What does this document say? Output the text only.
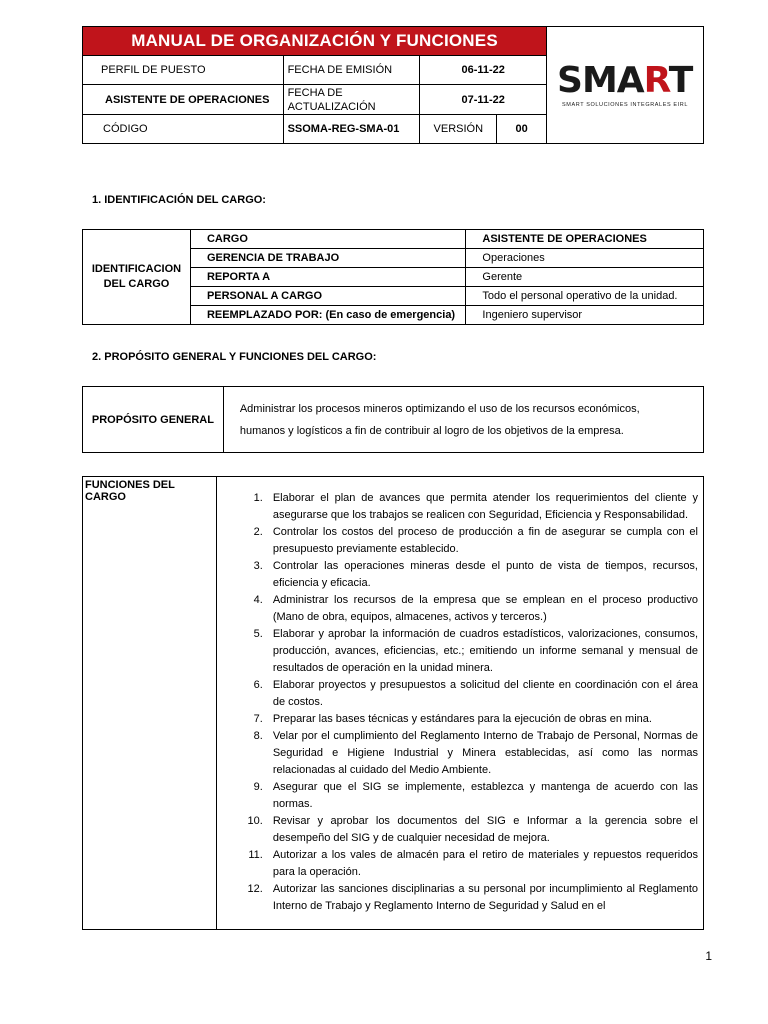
MANUAL DE ORGANIZACIÓN Y FUNCIONES				SMART
SMART SOLUCIONES INTEGRALES EIRL

PERFIL DE PUESTO	FECHA DE EMISIÓN	06-11-22		
ASISTENTE DE OPERACIONES	FECHA DE ACTUALIZACIÓN	07-11-22		
CÓDIGO	SSOMA-REG-SMA-01	VERSIÓN	00	
1. IDENTIFICACIÓN DEL CARGO:
IDENTIFICACION DEL CARGO	CARGO	ASISTENTE DE OPERACIONES
	GERENCIA DE TRABAJO	Operaciones
	REPORTA A	Gerente
	PERSONAL A CARGO	Todo el personal operativo de la unidad.
	REEMPLAZADO POR: (En caso de emergencia)	Ingeniero supervisor
2. PROPÓSITO GENERAL Y FUNCIONES DEL CARGO:
PROPÓSITO GENERAL	
Administrar los procesos mineros optimizando el uso de los recursos económicos,
humanos y logísticos a fin de contribuir al logro de los objetivos de la empresa.
FUNCIONES DEL CARGO	1. Elaborar el plan de avances que permita atender los requerimientos del cliente y asegurarse que los trabajos se realicen con Seguridad, Eficiencia y Responsabilidad.
2. Controlar los costos del proceso de producción a fin de asegurar se cumpla con el presupuesto previamente establecido.
3. Controlar las operaciones mineras desde el punto de vista de tiempos, recursos, eficiencia y eficacia.
4. Administrar los recursos de la empresa que se emplean en el proceso productivo (Mano de obra, equipos, almacenes, activos y terceros.)
5. Elaborar y aprobar la información de cuadros estadísticos, valorizaciones, consumos, producción, avances, eficiencias, etc.; emitiendo un informe semanal y mensual de resultados de operación en la unidad minera.
6. Elaborar proyectos y presupuestos a solicitud del cliente en coordinación con el área de costos.
7. Preparar las bases técnicas y estándares para la ejecución de obras en mina.
8. Velar por el cumplimiento del Reglamento Interno de Trabajo de Personal, Normas de Seguridad e Higiene Industrial y Minera establecidas, así como las normas relacionadas al cuidado del Medio Ambiente.
9. Asegurar que el SIG se implemente, establezca y mantenga de acuerdo con las normas.
10. Revisar y aprobar los documentos del SIG e Informar a la gerencia sobre el desempeño del SIG y de cualquier necesidad de mejora.
11. Autorizar a los vales de almacén para el retiro de materiales y repuestos requeridos para la operación.
12. Autorizar las sanciones disciplinarias a su personal por incumplimiento al Reglamento Interno de Trabajo y Reglamento Interno de Seguridad y Salud en el
1
